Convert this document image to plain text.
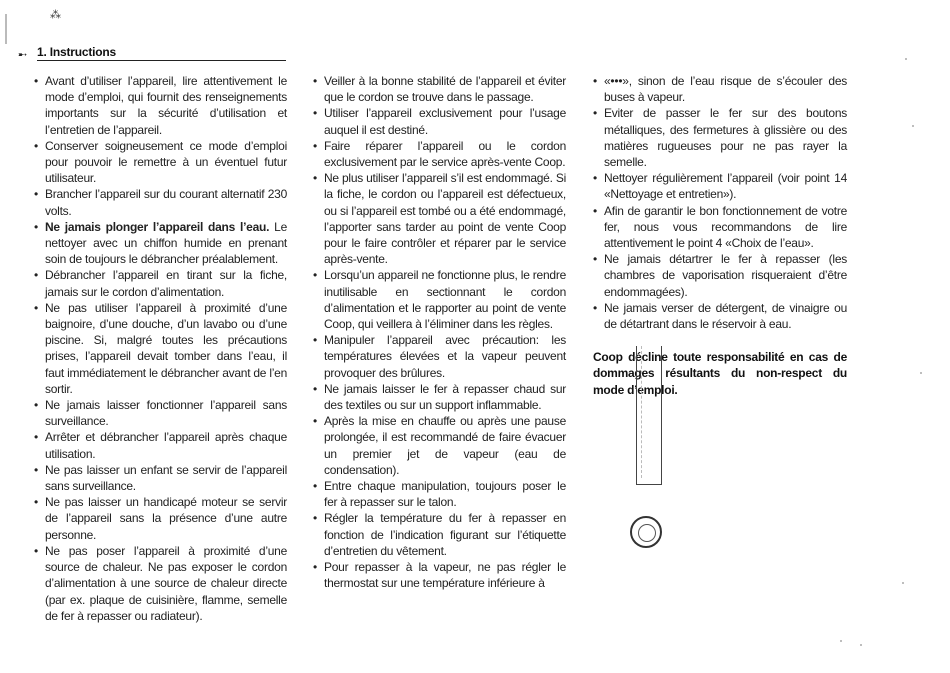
⁂
➸ 1. Instructions
• Avant d’utiliser l’appareil, lire attentivement le mode d’emploi, qui fournit des renseignements importants sur la sécurité d’utilisation et l’entretien de l’appareil.
• Conserver soigneusement ce mode d’emploi pour pouvoir le remettre à un éventuel futur utilisateur.
• Brancher l’appareil sur du courant alternatif 230 volts.
• Ne jamais plonger l’appareil dans l’eau. Le nettoyer avec un chiffon humide en prenant soin de toujours le débrancher préalablement.
• Débrancher l’appareil en tirant sur la fiche, jamais sur le cordon d’alimentation.
• Ne pas utiliser l’appareil à proximité d’une baignoire, d’une douche, d’un lavabo ou d’une piscine. Si, malgré toutes les précautions prises, l’appareil devait tomber dans l’eau, il faut immédiatement le débrancher avant de l’en sortir.
• Ne jamais laisser fonctionner l’appareil sans surveillance.
• Arrêter et débrancher l’appareil après chaque utilisation.
• Ne pas laisser un enfant se servir de l’appareil sans surveillance.
• Ne pas laisser un handicapé moteur se servir de l’appareil sans la présence d’une autre personne.
• Ne pas poser l’appareil à proximité d’une source de chaleur. Ne pas exposer le cordon d’alimentation à une source de chaleur directe (par ex. plaque de cuisinière, flamme, semelle de fer à repasser ou radiateur).
• Veiller à la bonne stabilité de l’appareil et éviter que le cordon se trouve dans le passage.
• Utiliser l’appareil exclusivement pour l’usage auquel il est destiné.
• Faire réparer l’appareil ou le cordon exclusivement par le service après-vente Coop.
• Ne plus utiliser l’appareil s’il est endommagé. Si la fiche, le cordon ou l’appareil est défectueux, ou si l’appareil est tombé ou a été endommagé, l’apporter sans tarder au point de vente Coop pour le faire contrôler et réparer par le service après-vente.
• Lorsqu’un appareil ne fonctionne plus, le rendre inutilisable en sectionnant le cordon d’alimentation et le rapporter au point de vente Coop, qui veillera à l’éliminer dans les règles.
• Manipuler l’appareil avec précaution: les températures élevées et la vapeur peuvent provoquer des brûlures.
• Ne jamais laisser le fer à repasser chaud sur des textiles ou sur un support inflammable.
• Après la mise en chauffe ou après une pause prolongée, il est recommandé de faire évacuer un premier jet de vapeur (eau de condensation).
• Entre chaque manipulation, toujours poser le fer à repasser sur le talon.
• Régler la température du fer à repasser en fonction de l’indication figurant sur l’étiquette d’entretien du vêtement.
• Pour repasser à la vapeur, ne pas régler le thermostat sur une température inférieure à
• «•••», sinon de l’eau risque de s’écouler des buses à vapeur.
• Eviter de passer le fer sur des boutons métalliques, des fermetures à glissière ou des matières rugueuses pour ne pas rayer la semelle.
• Nettoyer régulièrement l’appareil (voir point 14 «Nettoyage et entretien»).
• Afin de garantir le bon fonctionnement de votre fer, nous vous recommandons de lire attentivement le point 4 «Choix de l’eau».
• Ne jamais détartrer le fer à repasser (les chambres de vaporisation risqueraient d’être endommagées).
• Ne jamais verser de détergent, de vinaigre ou de détartrant dans le réservoir à eau.
Coop décline toute responsabilité en cas de dommages résultants du non-respect du mode d’emploi.
